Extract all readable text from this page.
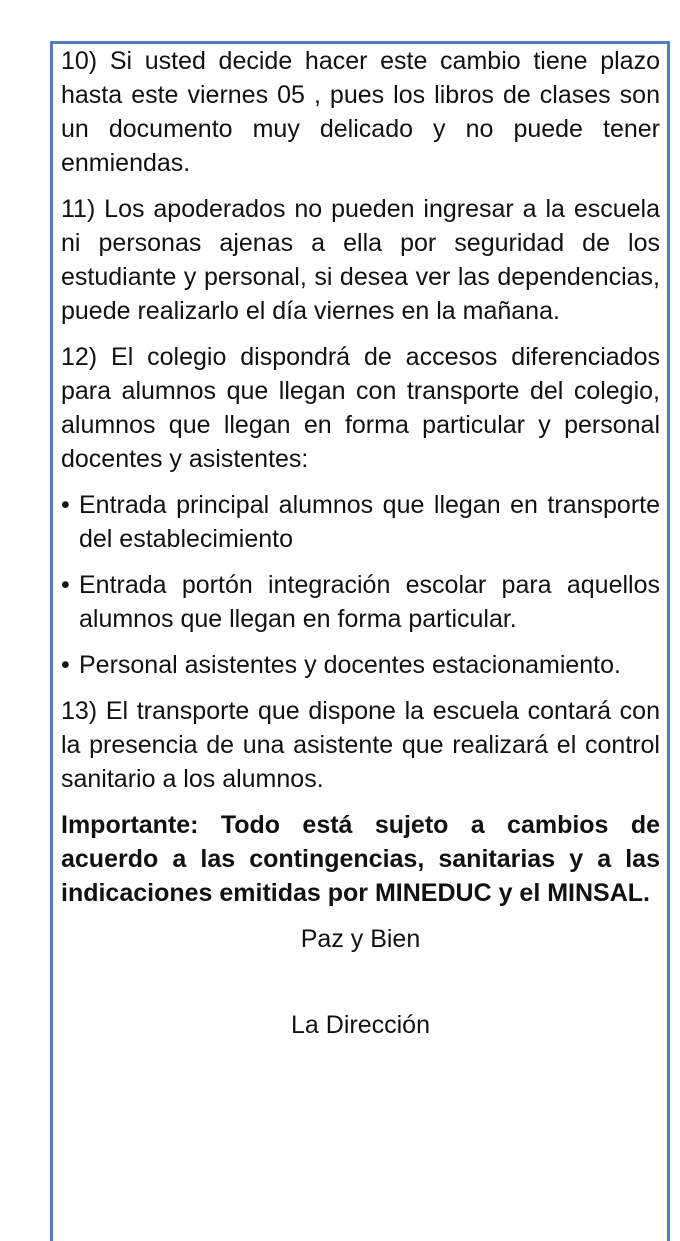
10) Si usted decide hacer este cambio tiene plazo hasta este viernes 05 , pues los libros de clases son un documento muy delicado y no puede tener enmiendas.

11) Los apoderados no pueden ingresar a la escuela ni personas ajenas a ella por seguridad de los estudiante y personal, si desea ver las dependencias, puede realizarlo el día viernes en la mañana.

12) El colegio dispondrá de accesos diferenciados para alumnos que llegan con transporte del colegio, alumnos que llegan en forma particular y personal docentes y asistentes:

• Entrada principal alumnos que llegan en transporte del establecimiento
• Entrada portón integración escolar para aquellos alumnos que llegan en forma particular.
• Personal asistentes y docentes estacionamiento.

13) El transporte que dispone la escuela contará con la presencia de una asistente que realizará el control sanitario a los alumnos.

Importante: Todo está sujeto a cambios de acuerdo a las contingencias, sanitarias y a las indicaciones emitidas por MINEDUC y el MINSAL.

Paz y Bien

La Dirección
